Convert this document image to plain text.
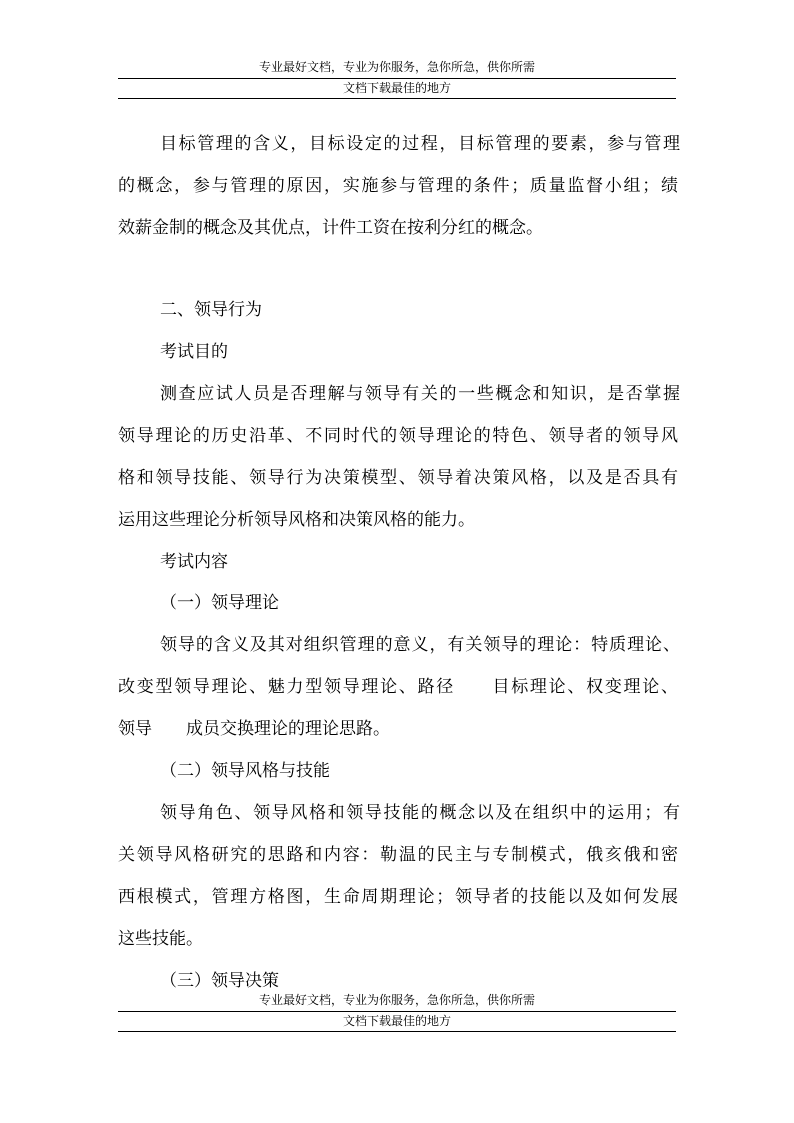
专业最好文档，专业为你服务，急你所急，供你所需
文档下载最佳的地方
目标管理的含义，目标设定的过程，目标管理的要素，参与管理
的概念，参与管理的原因，实施参与管理的条件；质量监督小组；绩
效薪金制的概念及其优点，计件工资在按利分红的概念。
二、领导行为
考试目的
测查应试人员是否理解与领导有关的一些概念和知识，是否掌握
领导理论的历史沿革、不同时代的领导理论的特色、领导者的领导风
格和领导技能、领导行为决策模型、领导着决策风格，以及是否具有
运用这些理论分析领导风格和决策风格的能力。
考试内容
（一）领导理论
领导的含义及其对组织管理的意义，有关领导的理论：特质理论、
改变型领导理论、魅力型领导理论、路径　　目标理论、权变理论、
领导　　成员交换理论的理论思路。
（二）领导风格与技能
领导角色、领导风格和领导技能的概念以及在组织中的运用；有
关领导风格研究的思路和内容：勒温的民主与专制模式，俄亥俄和密
西根模式，管理方格图，生命周期理论；领导者的技能以及如何发展
这些技能。
（三）领导决策
专业最好文档，专业为你服务，急你所急，供你所需
文档下载最佳的地方
